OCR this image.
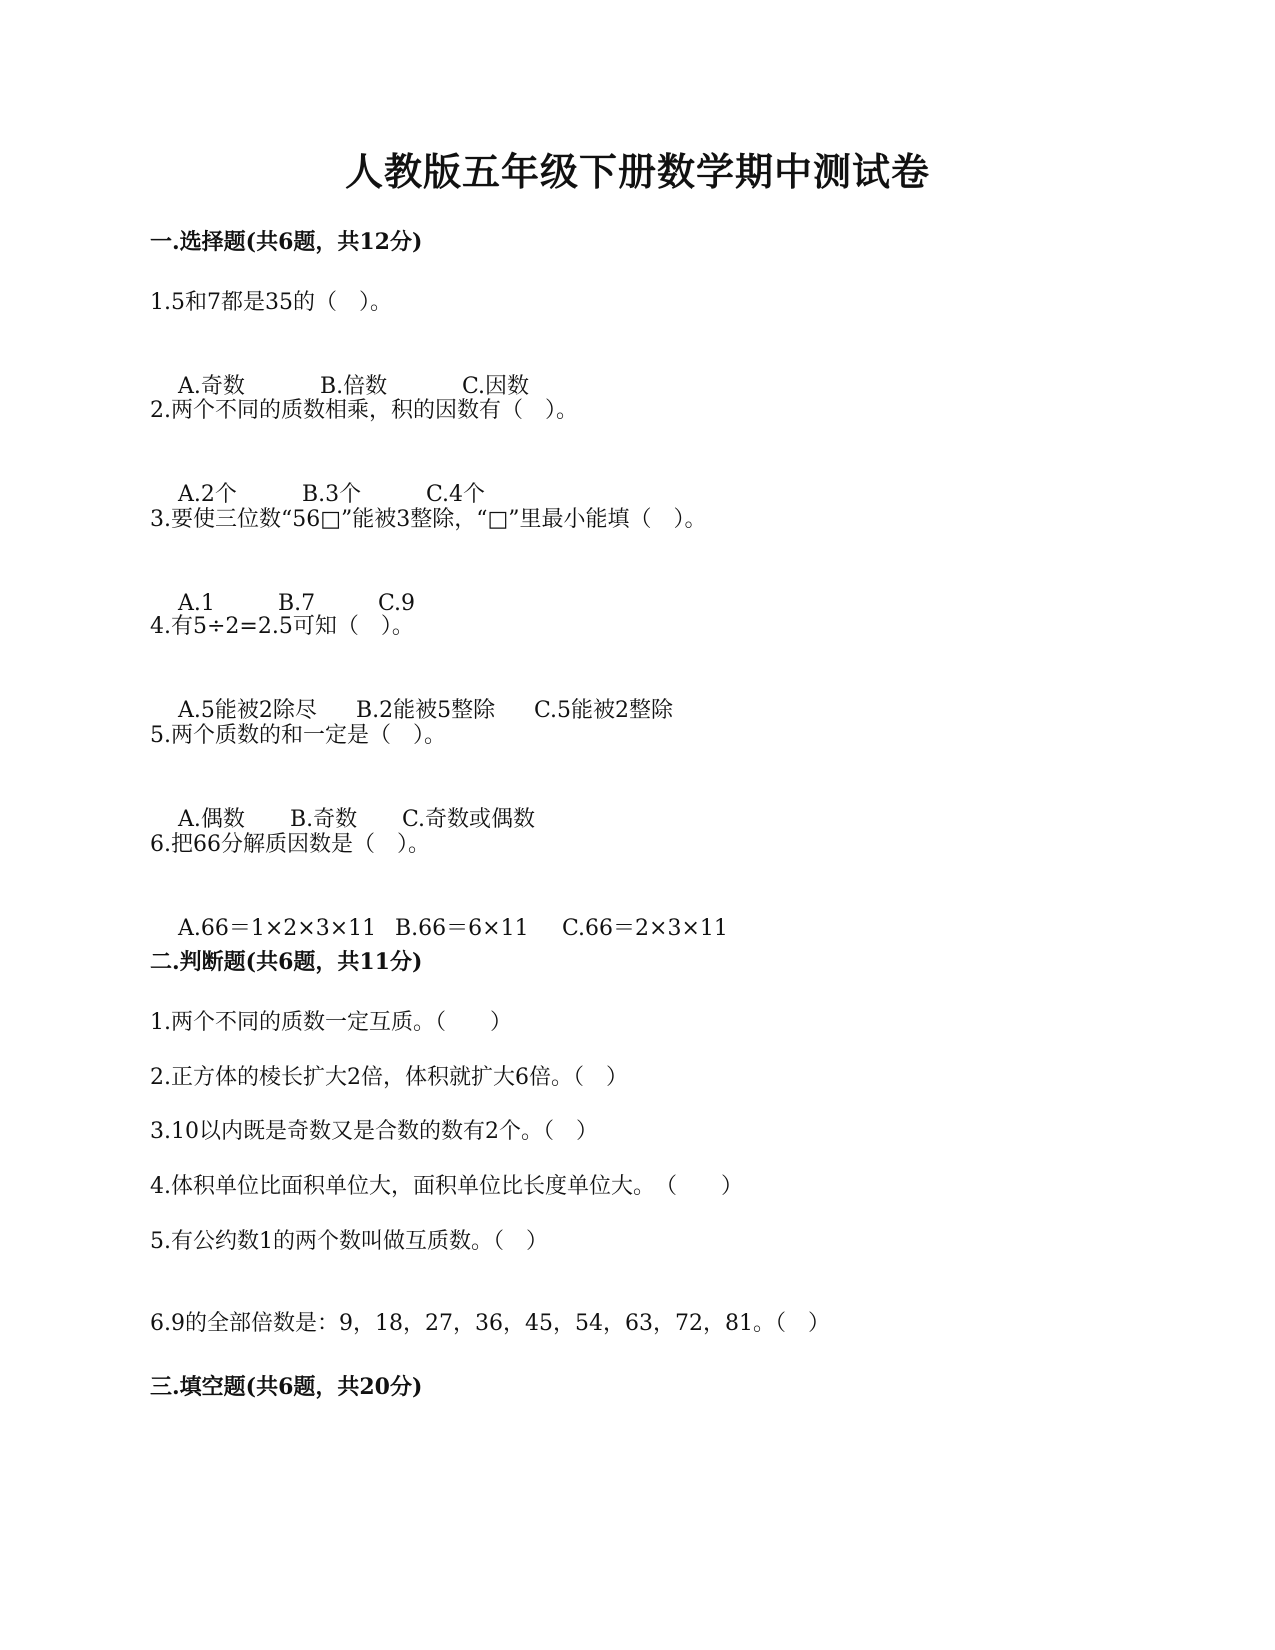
人教版五年级下册数学期中测试卷
一.选择题(共6题，共12分)
1.5和7都是35的（　）。

A.奇数	B.倍数	C.因数

2.两个不同的质数相乘，积的因数有（　）。

A.2个	B.3个	C.4个

3.要使三位数“56□”能被3整除，“□”里最小能填（　）。

A.1	B.7	C.9

4.有5÷2=2.5可知（　）。

A.5能被2除尽 B.2能被5整除 C.5能被2整除

5.两个质数的和一定是（　）。

A.偶数 B.奇数 C.奇数或偶数

6.把66分解质因数是（　）。

A.66＝1×2×3×11 B.66＝6×11 C.66＝2×3×11

二.判断题(共6题，共11分)
1.两个不同的质数一定互质。（　　）
2.正方体的棱长扩大2倍，体积就扩大6倍。（　）
3.10以内既是奇数又是合数的数有2个。（　）
4.体积单位比面积单位大，面积单位比长度单位大。　（　　）
5.有公约数1的两个数叫做互质数。（　）
6.9的全部倍数是：9，18，27，36，45，54，63，72，81。（　）
三.填空题(共6题，共20分)
